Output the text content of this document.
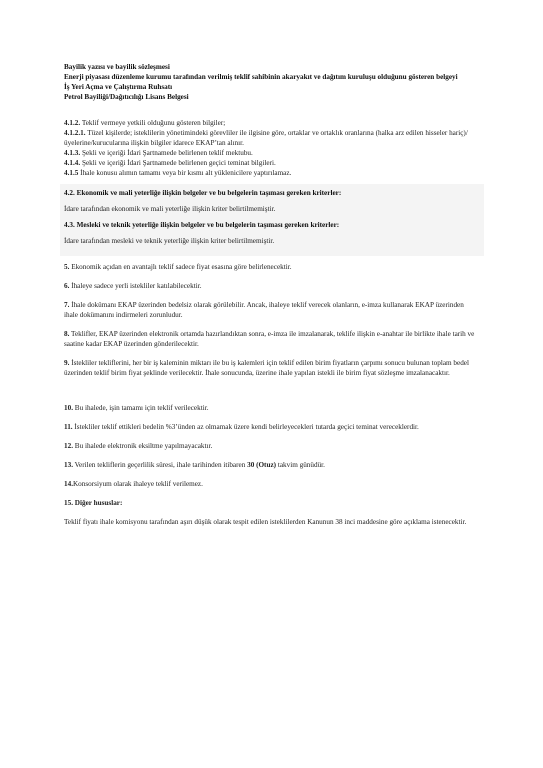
Bayilik yazısı ve bayilik sözleşmesi
Enerji piyasası düzenleme kurumu tarafından verilmiş teklif sahibinin akaryakıt ve dağıtım kuruluşu olduğunu gösteren belgeyi
İş Yeri Açma ve Çalıştırma Ruhsatı
Petrol Bayiliği/Dağıtıcılığı Lisans Belgesi
4.1.2. Teklif vermeye yetkili olduğunu gösteren bilgiler;
4.1.2.1. Tüzel kişilerde; isteklilerin yönetimindeki görevliler ile ilgisine göre, ortaklar ve ortaklık oranlarına (halka arz edilen hisseler hariç)/üyelerine/kurucularına ilişkin bilgiler idarece EKAP’tan alınır.
4.1.3. Şekli ve içeriği İdari Şartnamede belirlenen teklif mektubu.
4.1.4. Şekli ve içeriği İdari Şartnamede belirlenen geçici teminat bilgileri.
4.1.5 İhale konusu alımın tamamı veya bir kısmı alt yüklenicilere yaptırılamaz.
4.2. Ekonomik ve mali yeterliğe ilişkin belgeler ve bu belgelerin taşıması gereken kriterler:
İdare tarafından ekonomik ve mali yeterliğe ilişkin kriter belirtilmemiştir.
4.3. Mesleki ve teknik yeterliğe ilişkin belgeler ve bu belgelerin taşıması gereken kriterler:
İdare tarafından mesleki ve teknik yeterliğe ilişkin kriter belirtilmemiştir.
5. Ekonomik açıdan en avantajlı teklif sadece fiyat esasına göre belirlenecektir.
6. İhaleye sadece yerli istekliler katılabilecektir.
7. İhale dokümanı EKAP üzerinden bedelsiz olarak görülebilir. Ancak, ihaleye teklif verecek olanların, e-imza kullanarak EKAP üzerinden ihale dokümanını indirmeleri zorunludur.
8. Teklifler, EKAP üzerinden elektronik ortamda hazırlandıktan sonra, e-imza ile imzalanarak, teklife ilişkin e-anahtar ile birlikte ihale tarih ve saatine kadar EKAP üzerinden gönderilecektir.
9. İstekliler tekliflerini, her bir iş kaleminin miktarı ile bu iş kalemleri için teklif edilen birim fiyatların çarpımı sonucu bulunan toplam bedel üzerinden teklif birim fiyat şeklinde verilecektir. İhale sonucunda, üzerine ihale yapılan istekli ile birim fiyat sözleşme imzalanacaktır.
10. Bu ihalede, işin tamamı için teklif verilecektir.
11. İstekliler teklif ettikleri bedelin %3’ünden az olmamak üzere kendi belirleyecekleri tutarda geçici teminat vereceklerdir.
12. Bu ihalede elektronik eksiltme yapılmayacaktır.
13. Verilen tekliflerin geçerlilik süresi, ihale tarihinden itibaren 30 (Otuz) takvim günüdür.
14.Konsorsiyum olarak ihaleye teklif verilemez.
15. Diğer hususlar:
Teklif fiyatı ihale komisyonu tarafından aşırı düşük olarak tespit edilen isteklilerden Kanunun 38 inci maddesine göre açıklama istenecektir.
